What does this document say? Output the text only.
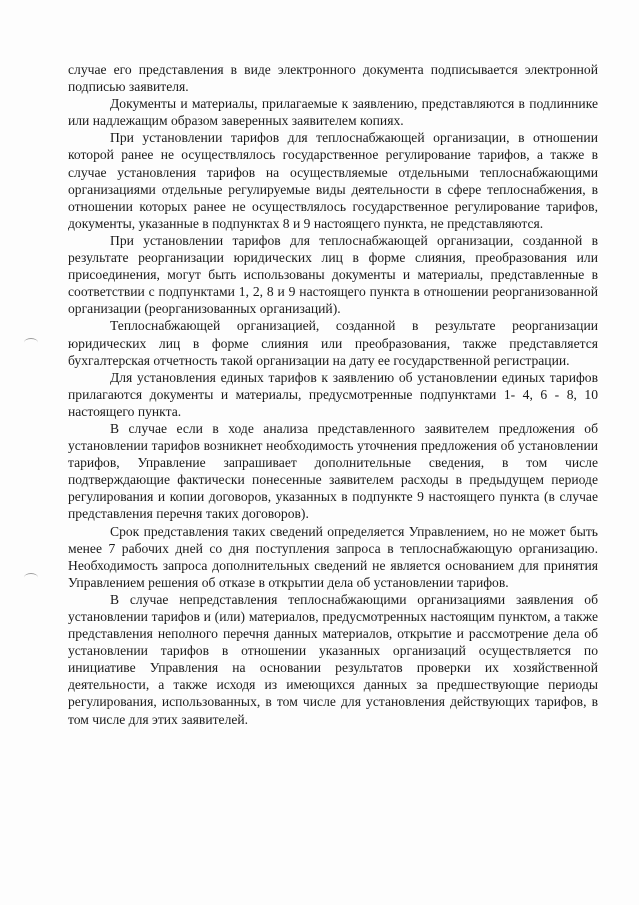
случае его представления в виде электронного документа подписывается электронной подписью заявителя.

Документы и материалы, прилагаемые к заявлению, представляются в подлиннике или надлежащим образом заверенных заявителем копиях.

При установлении тарифов для теплоснабжающей организации, в отношении которой ранее не осуществлялось государственное регулирование тарифов, а также в случае установления тарифов на осуществляемые отдельными теплоснабжающими организациями отдельные регулируемые виды деятельности в сфере теплоснабжения, в отношении которых ранее не осуществлялось государственное регулирование тарифов, документы, указанные в подпунктах 8 и 9 настоящего пункта, не представляются.

При установлении тарифов для теплоснабжающей организации, созданной в результате реорганизации юридических лиц в форме слияния, преобразования или присоединения, могут быть использованы документы и материалы, представленные в соответствии с подпунктами 1, 2, 8 и 9 настоящего пункта в отношении реорганизованной организации (реорганизованных организаций).

Теплоснабжающей организацией, созданной в результате реорганизации юридических лиц в форме слияния или преобразования, также представляется бухгалтерская отчетность такой организации на дату ее государственной регистрации.

Для установления единых тарифов к заявлению об установлении единых тарифов прилагаются документы и материалы, предусмотренные подпунктами 1- 4, 6 - 8, 10 настоящего пункта.

В случае если в ходе анализа представленного заявителем предложения об установлении тарифов возникнет необходимость уточнения предложения об установлении тарифов, Управление запрашивает дополнительные сведения, в том числе подтверждающие фактически понесенные заявителем расходы в предыдущем периоде регулирования и копии договоров, указанных в подпункте 9 настоящего пункта (в случае представления перечня таких договоров).

Срок представления таких сведений определяется Управлением, но не может быть менее 7 рабочих дней со дня поступления запроса в теплоснабжающую организацию. Необходимость запроса дополнительных сведений не является основанием для принятия Управлением решения об отказе в открытии дела об установлении тарифов.

В случае непредставления теплоснабжающими организациями заявления об установлении тарифов и (или) материалов, предусмотренных настоящим пунктом, а также представления неполного перечня данных материалов, открытие и рассмотрение дела об установлении тарифов в отношении указанных организаций осуществляется по инициативе Управления на основании результатов проверки их хозяйственной деятельности, а также исходя из имеющихся данных за предшествующие периоды регулирования, использованных, в том числе для установления действующих тарифов, в том числе для этих заявителей.
